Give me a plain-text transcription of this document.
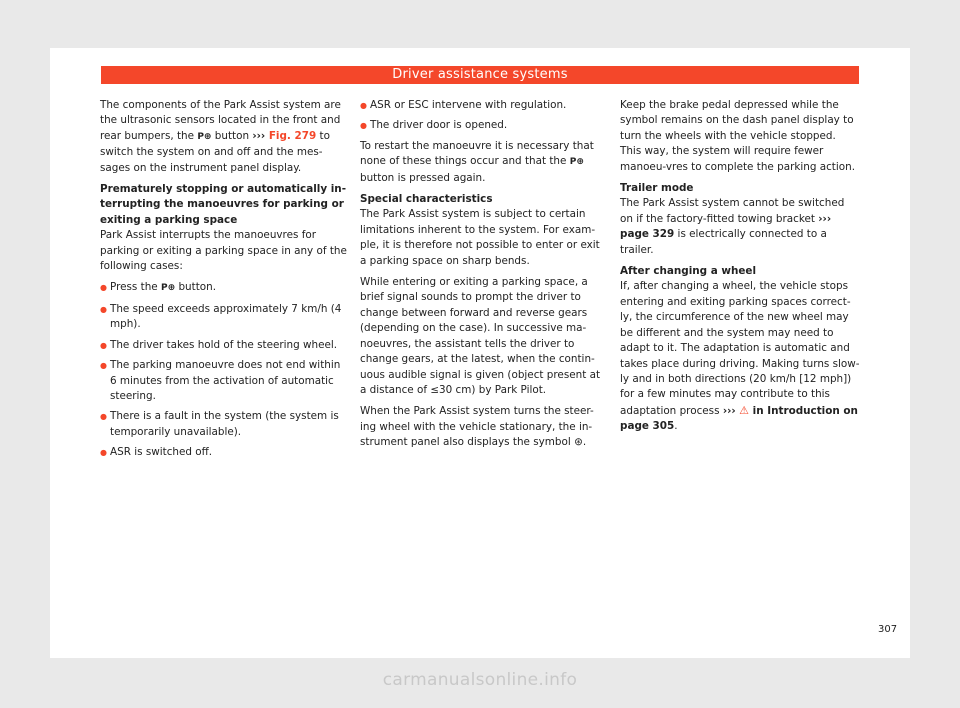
Driver assistance systems

The components of the Park Assist system are the ultrasonic sensors located in the front and rear bumpers, the P⊕ button ››› Fig. 279 to switch the system on and off and the mes-sages on the instrument panel display.

Prematurely stopping or automatically in-terrupting the manoeuvres for parking or exiting a parking space

Park Assist interrupts the manoeuvres for parking or exiting a parking space in any of the following cases:

● Press the P⊕ button.
● The speed exceeds approximately 7 km/h (4 mph).
● The driver takes hold of the steering wheel.
● The parking manoeuvre does not end within 6 minutes from the activation of automatic steering.
● There is a fault in the system (the system is temporarily unavailable).
● ASR is switched off.
● ASR or ESC intervene with regulation.
● The driver door is opened.

To restart the manoeuvre it is necessary that none of these things occur and that the P⊕ button is pressed again.

Special characteristics

The Park Assist system is subject to certain limitations inherent to the system. For exam-ple, it is therefore not possible to enter or exit a parking space on sharp bends.

While entering or exiting a parking space, a brief signal sounds to prompt the driver to change between forward and reverse gears (depending on the case). In successive ma-noeuvres, the assistant tells the driver to change gears, at the latest, when the contin-uous audible signal is given (object present at a distance of ≤30 cm) by Park Pilot.

When the Park Assist system turns the steer-ing wheel with the vehicle stationary, the in-strument panel also displays the symbol ⊛.

Keep the brake pedal depressed while the symbol remains on the dash panel display to turn the wheels with the vehicle stopped. This way, the system will require fewer manoeu-vres to complete the parking action.

Trailer mode

The Park Assist system cannot be switched on if the factory-fitted towing bracket ››› page 329 is electrically connected to a trailer.

After changing a wheel

If, after changing a wheel, the vehicle stops entering and exiting parking spaces correct-ly, the circumference of the new wheel may be different and the system may need to adapt to it. The adaptation is automatic and takes place during driving. Making turns slow-ly and in both directions (20 km/h [12 mph]) for a few minutes may contribute to this adaptation process ››› ⚠ in Introduction on page 305.

307
carmanualsonline.info
